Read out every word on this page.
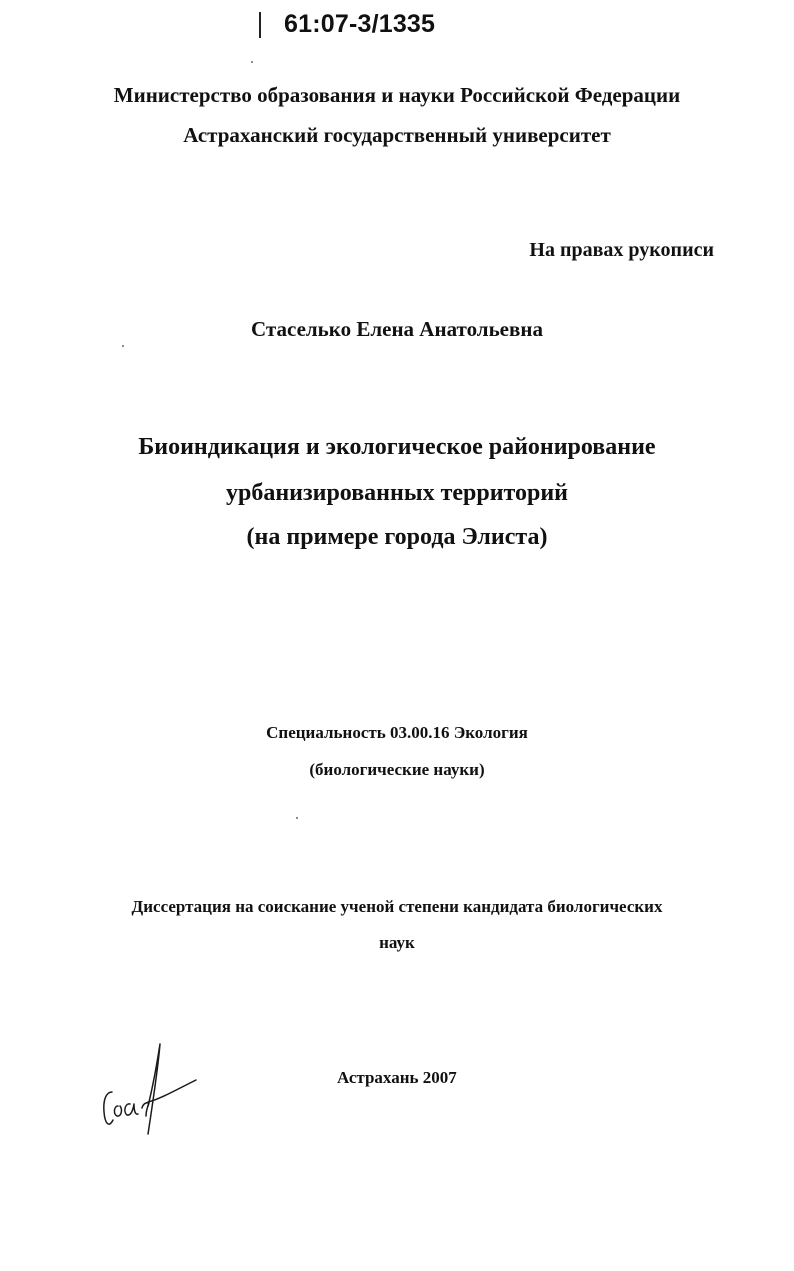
61:07-3/1335
Министерство образования и науки Российской Федерации
Астраханский государственный университет
На правах рукописи
Стаселько Елена Анатольевна
Биоиндикация и экологическое районирование
урбанизированных территорий
(на примере города Элиста)
Специальность 03.00.16 Экология
(биологические науки)
Диссертация на соискание ученой степени кандидата биологических
наук
Астрахань 2007
